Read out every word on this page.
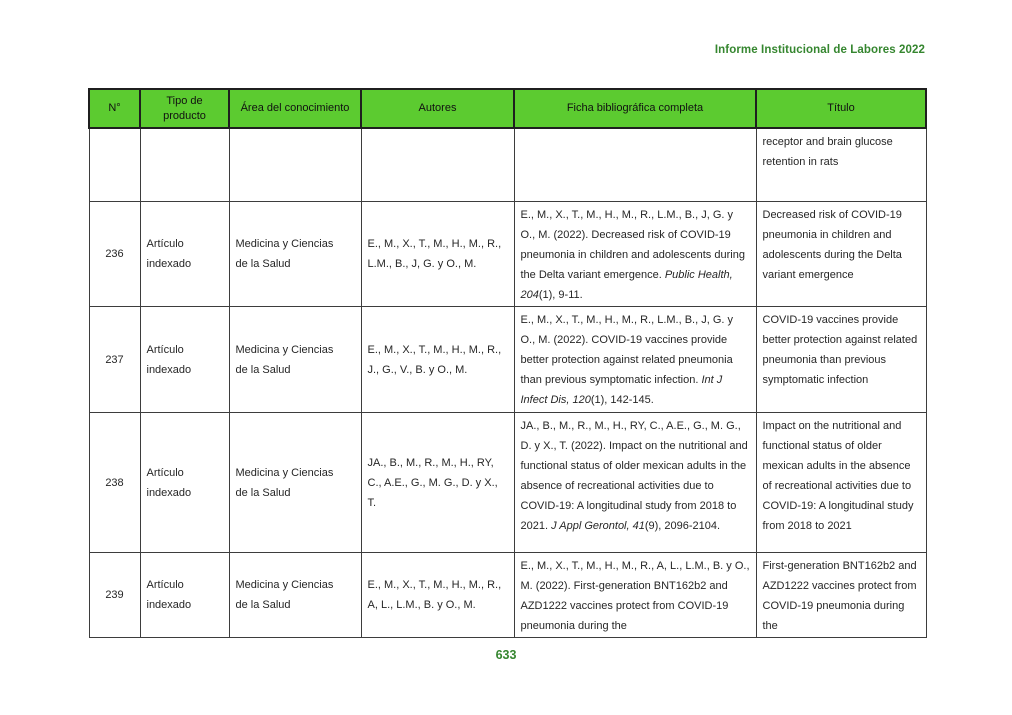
Informe Institucional de Labores 2022
N°	Tipo de producto	Área del conocimiento	Autores	Ficha bibliográfica completa	Título
					receptor and brain glucose retention in rats
236	Artículo indexado	Medicina y Ciencias de la Salud	E., M., X., T., M., H., M., R., L.M., B., J, G. y O., M.	E., M., X., T., M., H., M., R., L.M., B., J, G. y O., M. (2022). Decreased risk of COVID-19 pneumonia in children and adolescents during the Delta variant emergence. Public Health, 204(1), 9-11.	Decreased risk of COVID-19 pneumonia in children and adolescents during the Delta variant emergence
237	Artículo indexado	Medicina y Ciencias de la Salud	E., M., X., T., M., H., M., R., J., G., V., B. y O., M.	E., M., X., T., M., H., M., R., L.M., B., J, G. y O., M. (2022). COVID-19 vaccines provide better protection against related pneumonia than previous symptomatic infection. Int J Infect Dis, 120(1), 142-145.	COVID-19 vaccines provide better protection against related pneumonia than previous symptomatic infection
238	Artículo indexado	Medicina y Ciencias de la Salud	JA., B., M., R., M., H., RY, C., A.E., G., M. G., D. y X., T.	JA., B., M., R., M., H., RY, C., A.E., G., M. G., D. y X., T. (2022). Impact on the nutritional and functional status of older mexican adults in the absence of recreational activities due to COVID-19: A longitudinal study from 2018 to 2021. J Appl Gerontol, 41(9), 2096-2104.	Impact on the nutritional and functional status of older mexican adults in the absence of recreational activities due to COVID-19: A longitudinal study from 2018 to 2021
239	Artículo indexado	Medicina y Ciencias de la Salud	E., M., X., T., M., H., M., R., A, L., L.M., B. y O., M.	E., M., X., T., M., H., M., R., A, L., L.M., B. y O., M. (2022). First-generation BNT162b2 and AZD1222 vaccines protect from COVID-19 pneumonia during the	First-generation BNT162b2 and AZD1222 vaccines protect from COVID-19 pneumonia during the
633
